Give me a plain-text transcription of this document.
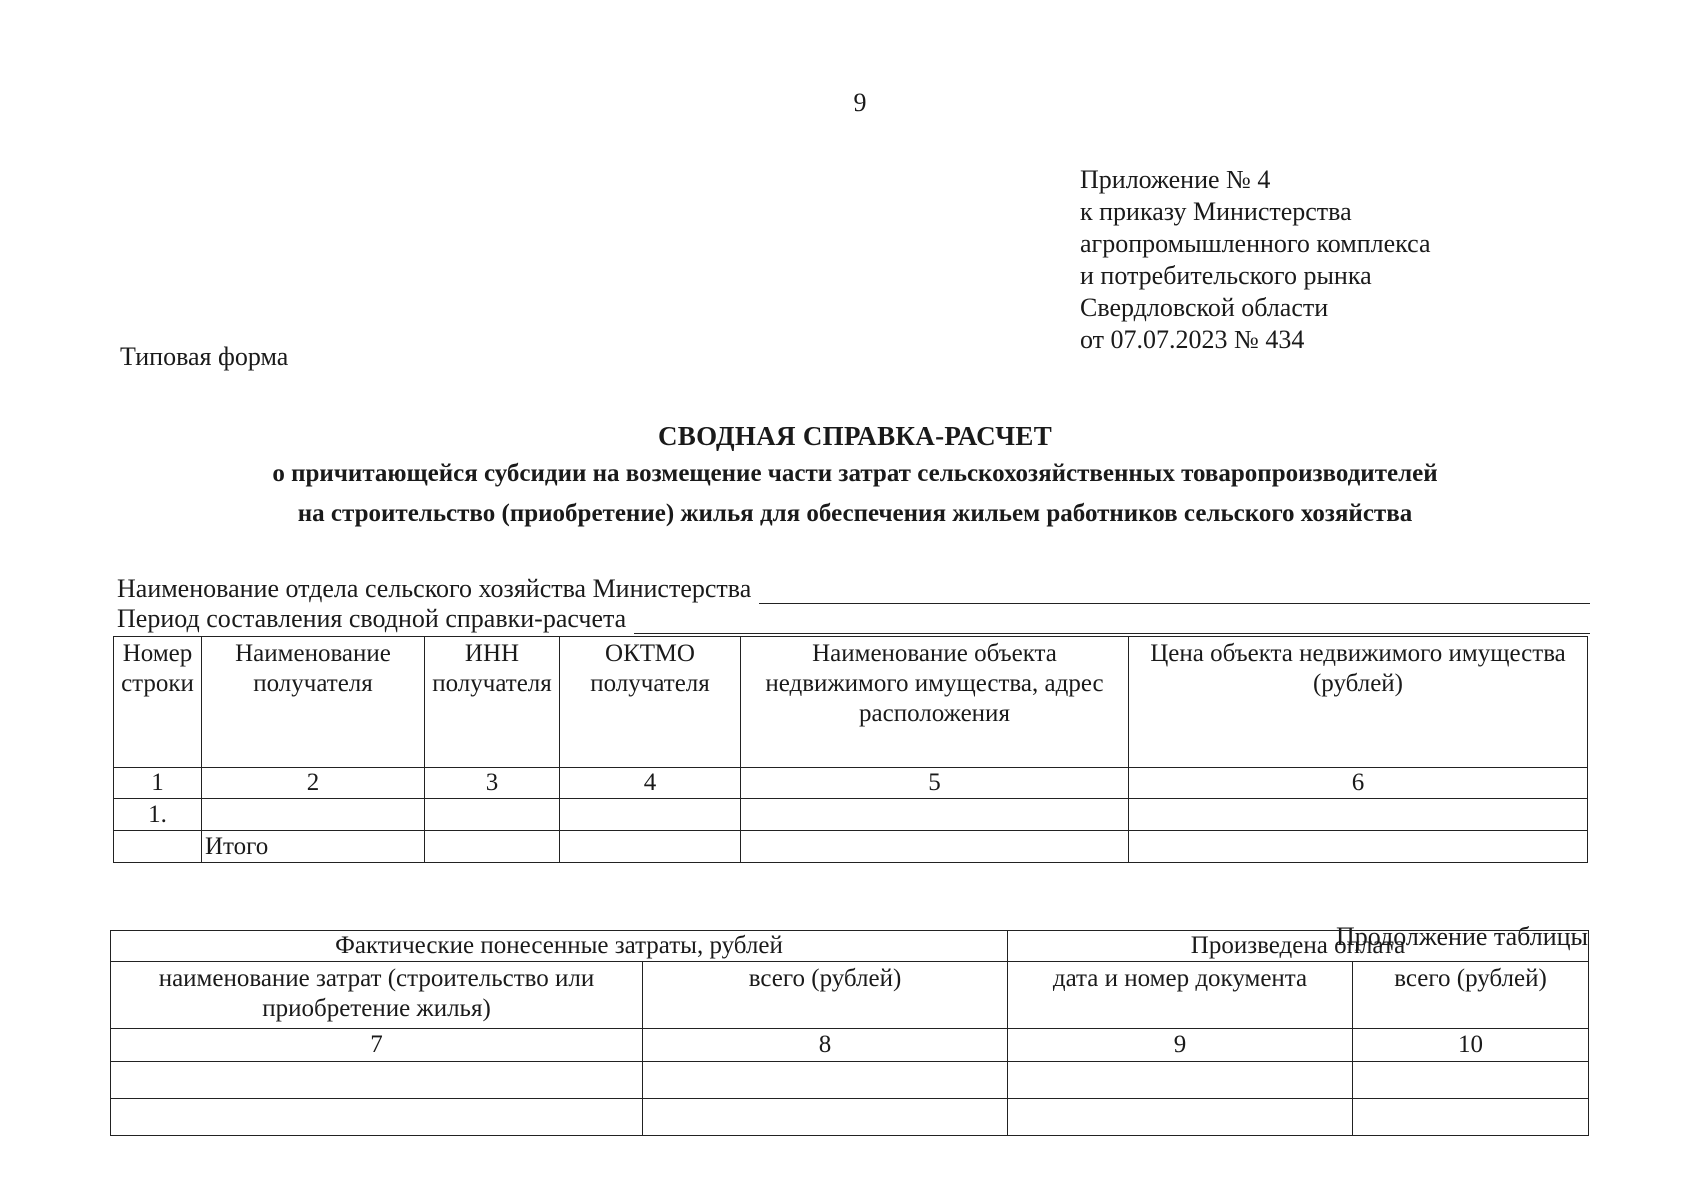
9
Приложение № 4
к приказу Министерства
агропромышленного комплекса
и потребительского рынка
Свердловской области
от 07.07.2023 № 434
Типовая форма
СВОДНАЯ СПРАВКА-РАСЧЕТ
о причитающейся субсидии на возмещение части затрат сельскохозяйственных товаропроизводителей
на строительство (приобретение) жилья для обеспечения жильем работников сельского хозяйства
Наименование отдела сельского хозяйства Министерства
Период составления сводной справки-расчета
Номер строки	Наименование получателя	ИНН получателя	ОКТМО получателя	Наименование объекта недвижимого имущества, адрес расположения	Цена объекта недвижимого имущества (рублей)
1	2	3	4	5	6
1.					
	Итого				
Продолжение таблицы
Фактические понесенные затраты, рублей		Произведена оплата	
наименование затрат (строительство или приобретение жилья)	всего (рублей)	дата и номер документа	всего (рублей)
7	8	9	10
